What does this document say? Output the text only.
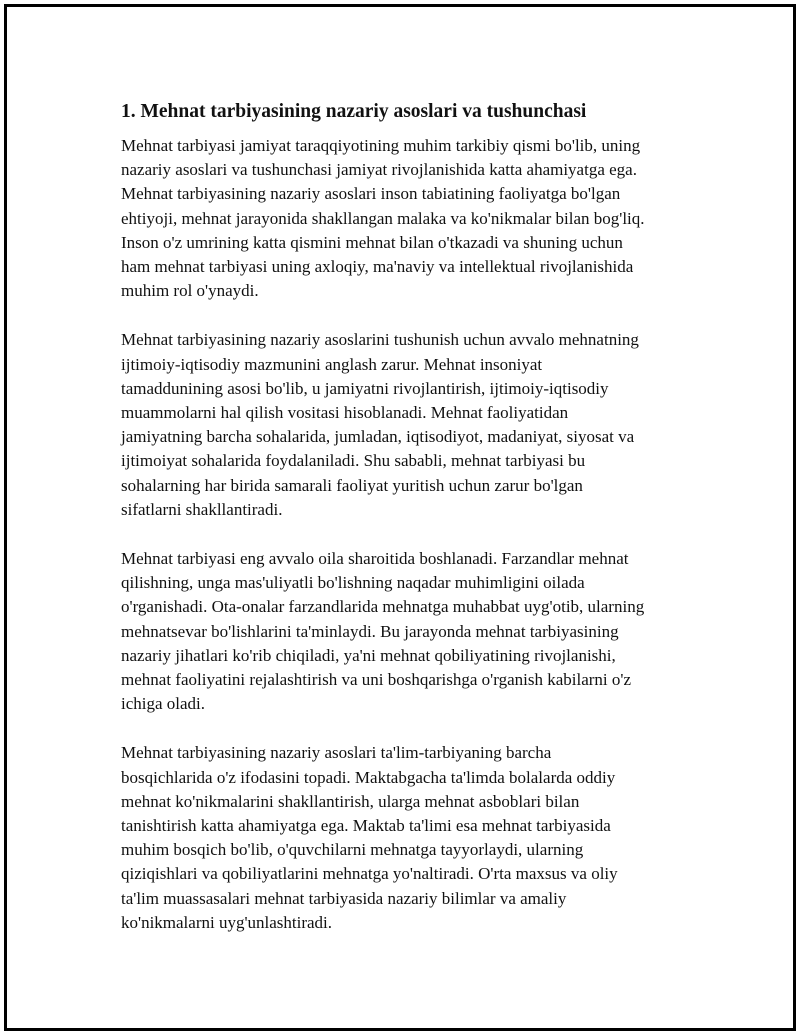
1. Mehnat tarbiyasining nazariy asoslari va tushunchasi

Mehnat tarbiyasi jamiyat taraqqiyotining muhim tarkibiy qismi bo'lib, uning
nazariy asoslari va tushunchasi jamiyat rivojlanishida katta ahamiyatga ega.
Mehnat tarbiyasining nazariy asoslari inson tabiatining faoliyatga bo'lgan
ehtiyoji, mehnat jarayonida shakllangan malaka va ko'nikmalar bilan bog'liq.
Inson o'z umrining katta qismini mehnat bilan o'tkazadi va shuning uchun
ham mehnat tarbiyasi uning axloqiy, ma'naviy va intellektual rivojlanishida
muhim rol o'ynaydi.

Mehnat tarbiyasining nazariy asoslarini tushunish uchun avvalo mehnatning
ijtimoiy-iqtisodiy mazmunini anglash zarur. Mehnat insoniyat
tamaddunining asosi bo'lib, u jamiyatni rivojlantirish, ijtimoiy-iqtisodiy
muammolarni hal qilish vositasi hisoblanadi. Mehnat faoliyatidan
jamiyatning barcha sohalarida, jumladan, iqtisodiyot, madaniyat, siyosat va
ijtimoiyat sohalarida foydalaniladi. Shu sababli, mehnat tarbiyasi bu
sohalarning har birida samarali faoliyat yuritish uchun zarur bo'lgan
sifatlarni shakllantiradi.

Mehnat tarbiyasi eng avvalo oila sharoitida boshlanadi. Farzandlar mehnat
qilishning, unga mas'uliyatli bo'lishning naqadar muhimligini oilada
o'rganishadi. Ota-onalar farzandlarida mehnatga muhabbat uyg'otib, ularning
mehnatsevar bo'lishlarini ta'minlaydi. Bu jarayonda mehnat tarbiyasining
nazariy jihatlari ko'rib chiqiladi, ya'ni mehnat qobiliyatining rivojlanishi,
mehnat faoliyatini rejalashtirish va uni boshqarishga o'rganish kabilarni o'z
ichiga oladi.

Mehnat tarbiyasining nazariy asoslari ta'lim-tarbiyaning barcha
bosqichlarida o'z ifodasini topadi. Maktabgacha ta'limda bolalarda oddiy
mehnat ko'nikmalarini shakllantirish, ularga mehnat asboblari bilan
tanishtirish katta ahamiyatga ega. Maktab ta'limi esa mehnat tarbiyasida
muhim bosqich bo'lib, o'quvchilarni mehnatga tayyorlaydi, ularning
qiziqishlari va qobiliyatlarini mehnatga yo'naltiradi. O'rta maxsus va oliy
ta'lim muassasalari mehnat tarbiyasida nazariy bilimlar va amaliy
ko'nikmalarni uyg'unlashtiradi.
